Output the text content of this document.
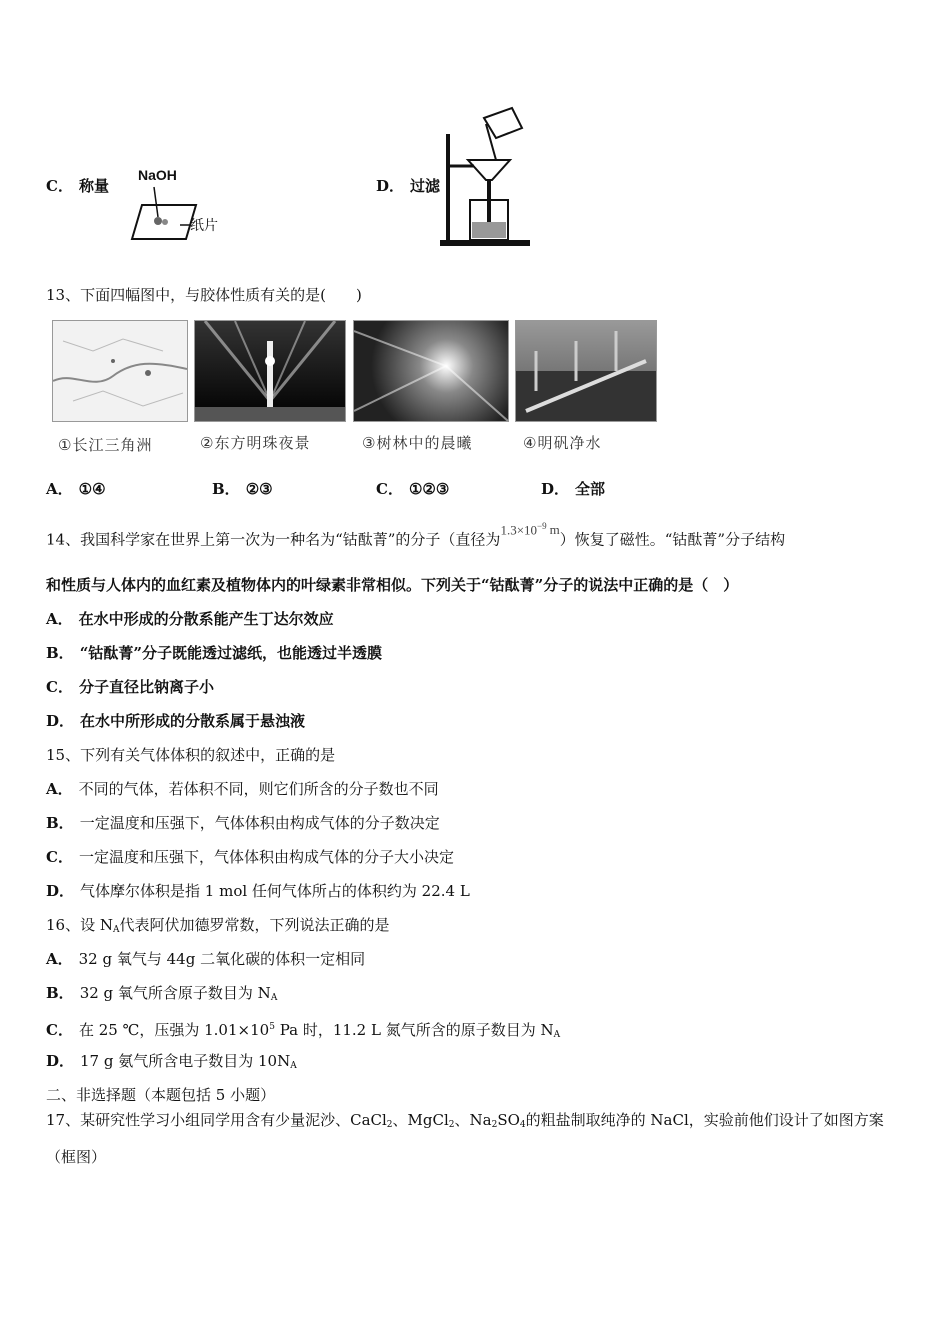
C． 称量
NaOH
纸片
D． 过滤
13、下面四幅图中，与胶体性质有关的是(　　)
①长江三角洲	②东方明珠夜景	③树林中的晨曦	④明矾净水
A． ①④	B． ②③	C． ①②③	D． 全部
14、我国科学家在世界上第一次为一种名为“钴酞菁”的分子（直径为$1.3\times 10^{-9}$ m）恢复了磁性。“钴酞菁”分子结构
和性质与人体内的血红素及植物体内的叶绿素非常相似。下列关于“钴酞菁”分子的说法中正确的是（　）
A． 在水中形成的分散系能产生丁达尔效应
B． “钴酞菁”分子既能透过滤纸，也能透过半透膜
C． 分子直径比钠离子小
D． 在水中所形成的分散系属于悬浊液
15、下列有关气体体积的叙述中，正确的是
A． 不同的气体，若体积不同，则它们所含的分子数也不同
B． 一定温度和压强下，气体体积由构成气体的分子数决定
C． 一定温度和压强下，气体体积由构成气体的分子大小决定
D． 气体摩尔体积是指 1 mol 任何气体所占的体积约为 22.4 L
16、设 $N_A$代表阿伏加德罗常数，下列说法正确的是
A． 32 g 氧气与 44g 二氧化碳的体积一定相同
B． 32 g 氧气所含原子数目为 $N_A$
C． 在 25 ℃，压强为 $1.01\times 10^5$ Pa 时，11.2 L 氮气所含的原子数目为 $N_A$
D． 17 g 氨气所含电子数目为 $10N_A$
二、非选择题（本题包括 5 小题）
17、某研究性学习小组同学用含有少量泥沙、CaCl$_2$、MgCl$_2$、$Na_2SO_4$的粗盐制取纯净的 NaCl，实验前他们设计了如图方案
（框图）
